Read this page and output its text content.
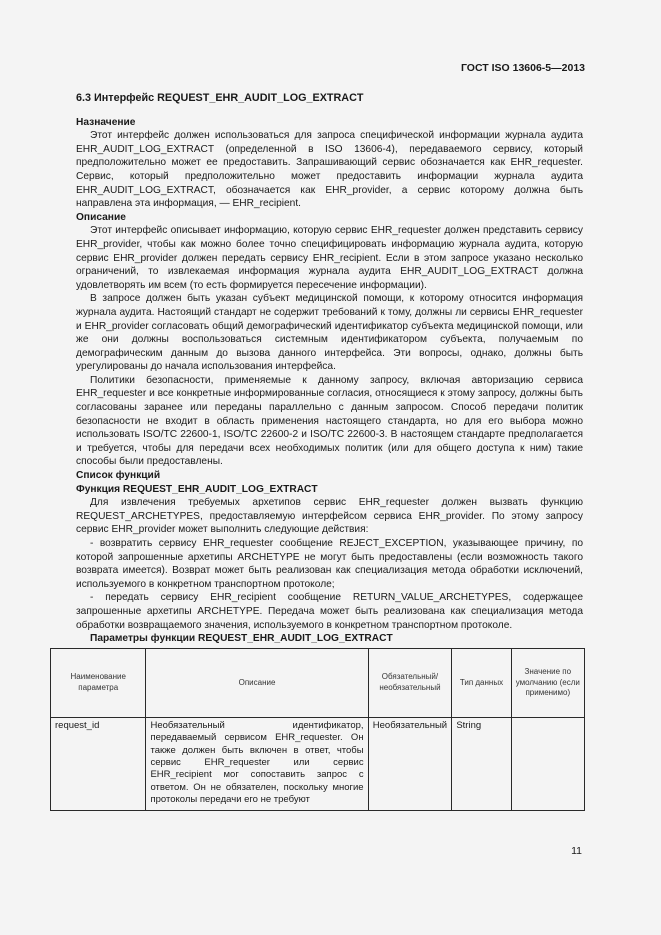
ГОСТ ISO 13606-5—2013

6.3 Интерфейс REQUEST_EHR_AUDIT_LOG_EXTRACT

Назначение

Этот интерфейс должен использоваться для запроса специфической информации журнала аудита EHR_AUDIT_LOG_EXTRACT (определенной в ISO 13606-4), передаваемого сервису, который предположительно может ее предоставить. Запрашивающий сервис обозначается как EHR_requester. Сервис, который предположительно может предоставить информации журнала аудита EHR_AUDIT_LOG_EXTRACT, обозначается как EHR_provider, а сервис которому должна быть направлена эта информация, — EHR_recipient.

Описание

Этот интерфейс описывает информацию, которую сервис EHR_requester должен представить сервису EHR_provider, чтобы как можно более точно специфицировать информацию журнала аудита, которую сервис EHR_provider должен передать сервису EHR_recipient. Если в этом запросе указано несколько ограничений, то извлекаемая информация журнала аудита EHR_AUDIT_LOG_EXTRACT должна удовлетворять им всем (то есть формируется пересечение информации).

В запросе должен быть указан субъект медицинской помощи, к которому относится информация журнала аудита. Настоящий стандарт не содержит требований к тому, должны ли сервисы EHR_requester и EHR_provider согласовать общий демографический идентификатор субъекта медицинской помощи, или же они должны воспользоваться системным идентификатором субъекта, получаемым по демографическим данным до вызова данного интерфейса. Эти вопросы, однако, должны быть урегулированы до начала использования интерфейса.

Политики безопасности, применяемые к данному запросу, включая авторизацию сервиса EHR_requester и все конкретные информированные согласия, относящиеся к этому запросу, должны быть согласованы заранее или переданы параллельно с данным запросом. Способ передачи политик безопасности не входит в область применения настоящего стандарта, но для его выбора можно использовать ISO/TC 22600-1, ISO/TC 22600-2 и ISO/TC 22600-3. В настоящем стандарте предполагается и требуется, чтобы для передачи всех необходимых политик (или для общего доступа к ним) такие способы были предоставлены.

Список функций

Функция REQUEST_EHR_AUDIT_LOG_EXTRACT

Для извлечения требуемых архетипов сервис EHR_requester должен вызвать функцию REQUEST_ARCHETYPES, предоставляемую интерфейсом сервиса EHR_provider. По этому запросу сервис EHR_provider может выполнить следующие действия:

- возвратить сервису EHR_requester сообщение REJECT_EXCEPTION, указывающее причину, по которой запрошенные архетипы ARCHETYPE не могут быть предоставлены (если возможность такого возврата имеется). Возврат может быть реализован как специализация метода обработки исключений, используемого в конкретном транспортном протоколе;

- передать сервису EHR_recipient сообщение RETURN_VALUE_ARCHETYPES, содержащее запрошенные архетипы ARCHETYPE. Передача может быть реализована как специализация метода обработки возвращаемого значения, используемого в конкретном транспортном протоколе.

Параметры функции REQUEST_EHR_AUDIT_LOG_EXTRACT

Наименование параметра	Описание	Обязательный/ необязательный	Тип данных	Значение по умолчанию (если применимо)
request_id	Необязательный идентификатор, передаваемый сервисом EHR_requester. Он также должен быть включен в ответ, чтобы сервис EHR_requester или сервис EHR_recipient мог сопоставить запрос с ответом. Он не обязателен, поскольку многие протоколы передачи его не требуют	Необязательный	String	
11
